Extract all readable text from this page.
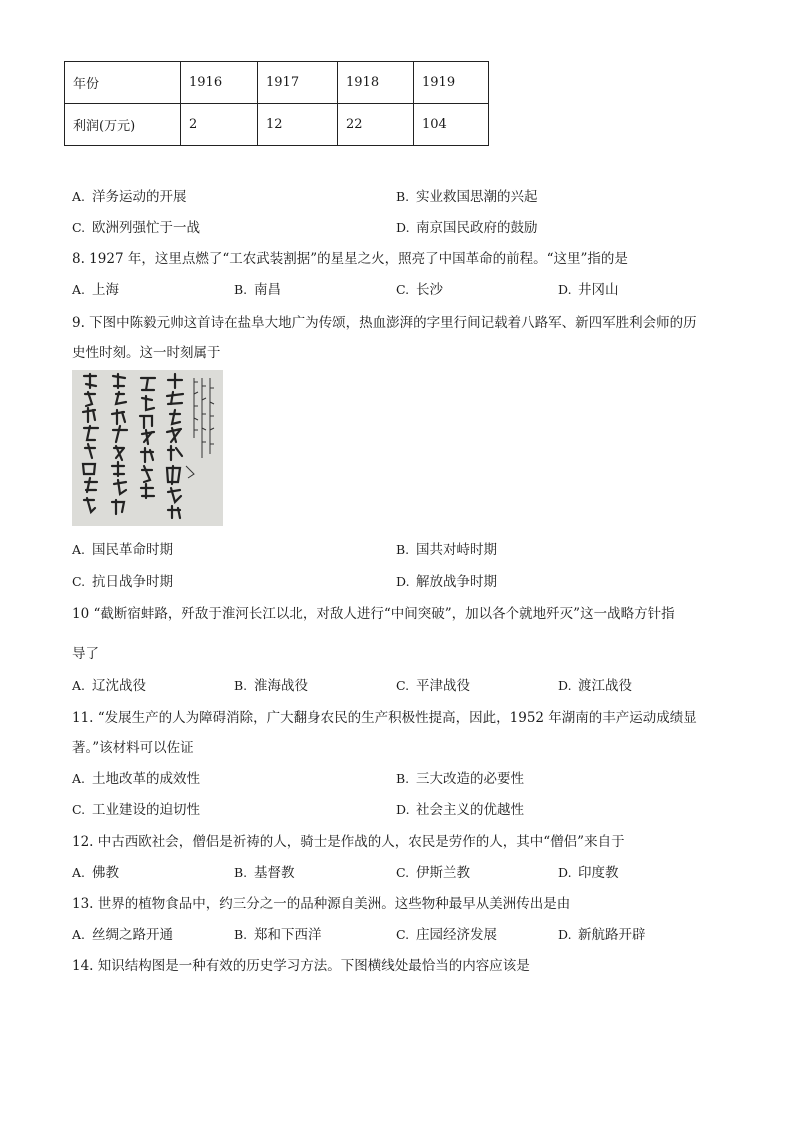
年份	1916	1917	1918	1919
利润(万元)	2	12	22	104
A. 洋务运动的开展	B. 实业救国思潮的兴起
C. 欧洲列强忙于一战	D. 南京国民政府的鼓励
8. 1927 年，这里点燃了“工农武装割据”的星星之火，照亮了中国革命的前程。“这里”指的是
A. 上海	B. 南昌	C. 长沙	D. 井冈山
9. 下图中陈毅元帅这首诗在盐阜大地广为传颂，热血澎湃的字里行间记载着八路军、新四军胜利会师的历
史性时刻。这一时刻属于
A. 国民革命时期	B. 国共对峙时期
C. 抗日战争时期	D. 解放战争时期
10 “截断宿蚌路，歼敌于淮河长江以北，对敌人进行“中间突破”，加以各个就地歼灭”这一战略方针指
导了
A. 辽沈战役	B. 淮海战役	C. 平津战役	D. 渡江战役
11. “发展生产的人为障碍消除，广大翻身农民的生产积极性提高，因此，1952 年湖南的丰产运动成绩显
著。”该材料可以佐证
A. 土地改革的成效性	B. 三大改造的必要性
C. 工业建设的迫切性	D. 社会主义的优越性
12. 中古西欧社会，僧侣是祈祷的人，骑士是作战的人，农民是劳作的人，其中“僧侣”来自于
A. 佛教	B. 基督教	C. 伊斯兰教	D. 印度教
13. 世界的植物食品中，约三分之一的品种源自美洲。这些物种最早从美洲传出是由
A. 丝绸之路开通	B. 郑和下西洋	C. 庄园经济发展	D. 新航路开辟
14. 知识结构图是一种有效的历史学习方法。下图横线处最恰当的内容应该是
